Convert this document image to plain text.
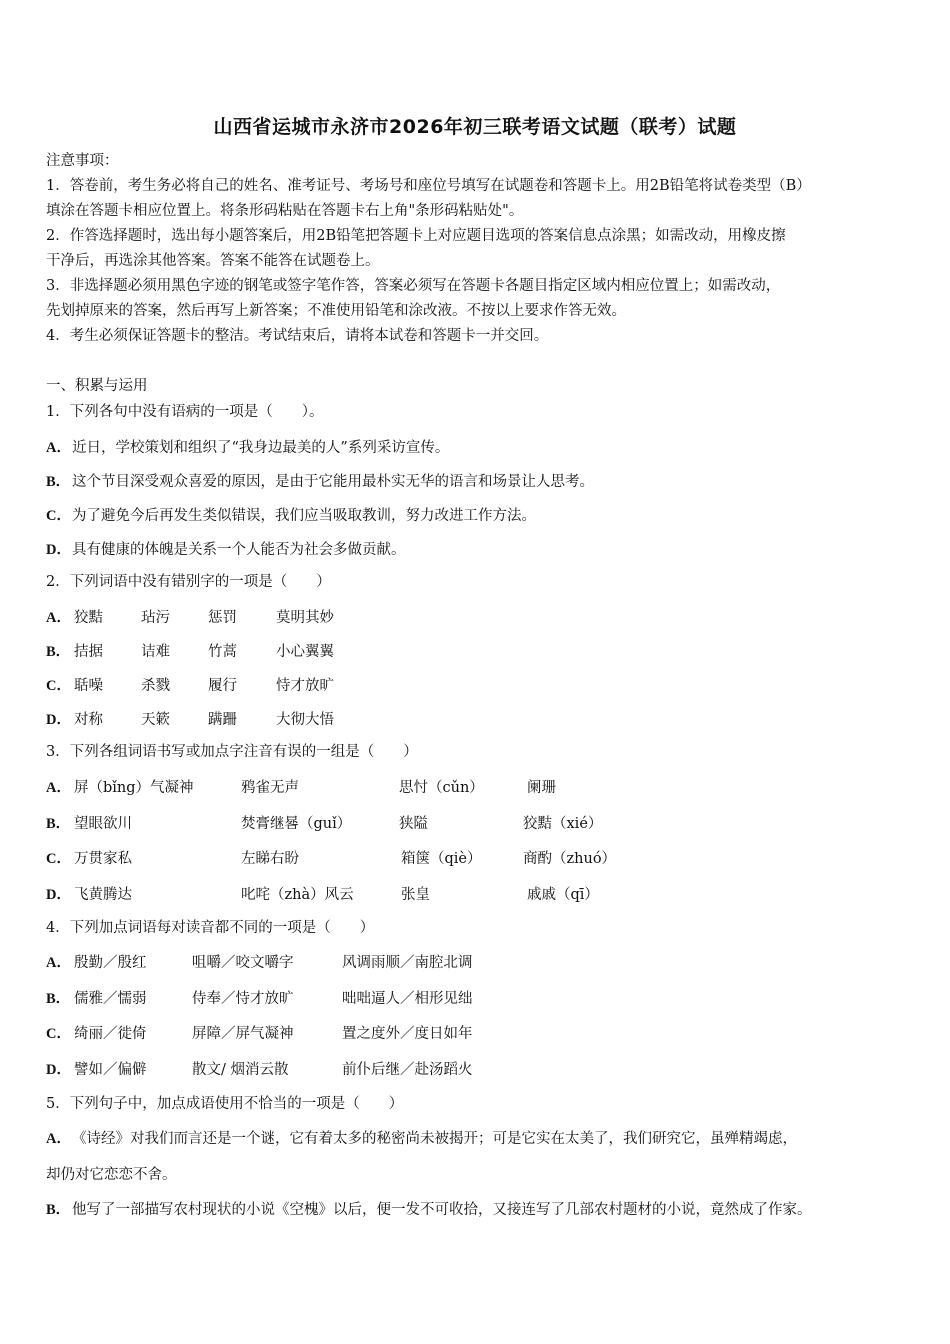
山西省运城市永济市2026年初三联考语文试题（联考）试题
注意事项：
1．答卷前，考生务必将自己的姓名、准考证号、考场号和座位号填写在试题卷和答题卡上。用2B铅笔将试卷类型（B）
填涂在答题卡相应位置上。将条形码粘贴在答题卡右上角"条形码粘贴处"。
2．作答选择题时，选出每小题答案后，用2B铅笔把答题卡上对应题目选项的答案信息点涂黑；如需改动，用橡皮擦
干净后，再选涂其他答案。答案不能答在试题卷上。
3．非选择题必须用黑色字迹的钢笔或签字笔作答，答案必须写在答题卡各题目指定区域内相应位置上；如需改动，
先划掉原来的答案，然后再写上新答案；不准使用铅笔和涂改液。不按以上要求作答无效。
4．考生必须保证答题卡的整洁。考试结束后，请将本试卷和答题卡一并交回。
一、积累与运用
1．下列各句中没有语病的一项是（　　）。
A．近日，学校策划和组织了“我身边最美的人”系列采访宣传。
B． 这个节目深受观众喜爱的原因，是由于它能用最朴实无华的语言和场景让人思考。
C．为了避免今后再发生类似错误，我们应当吸取教训，努力改进工作方法。
D．具有健康的体魄是关系一个人能否为社会多做贡献。
2．下列词语中没有错别字的一项是（　　）
A． 狡黠	玷污	惩罚	莫明其妙
B． 拮据	诘难	竹蒿	小心翼翼
C． 聒噪	杀戮	履行	恃才放旷
D． 对称	天簌	蹒跚	大彻大悟
3．下列各组词语书写或加点字注音有误的一组是（　　）
A． 屏（bǐng）气凝神	鸦雀无声	思忖（cǔn）	阑珊
B． 望眼欲川	焚膏继晷（guǐ）	狭隘	狡黠（xié）
C． 万贯家私	左睇右盼	箱箧（qiè）	商酌（zhuó）
D． 飞黄腾达	叱咤（zhà）风云	张皇	戚戚（qī）
4．下列加点词语每对读音都不同的一项是（　　）
A． 殷勤／殷红	咀嚼／咬文嚼字	风调雨顺／南腔北调
B． 儒雅／懦弱	侍奉／恃才放旷	咄咄逼人／相形见绌
C． 绮丽／徙倚	屏障／屏气凝神	置之度外／度日如年
D． 譬如／偏僻	散文/ 烟消云散	前仆后继／赴汤蹈火
5．下列句子中，加点成语使用不恰当的一项是（　　）
A．《诗经》对我们而言还是一个谜，它有着太多的秘密尚未被揭开；可是它实在太美了，我们研究它，虽殚精竭虑，
却仍对它恋恋不舍。
B． 他写了一部描写农村现状的小说《空槐》以后，便一发不可收拾，又接连写了几部农村题材的小说，竟然成了作家。
